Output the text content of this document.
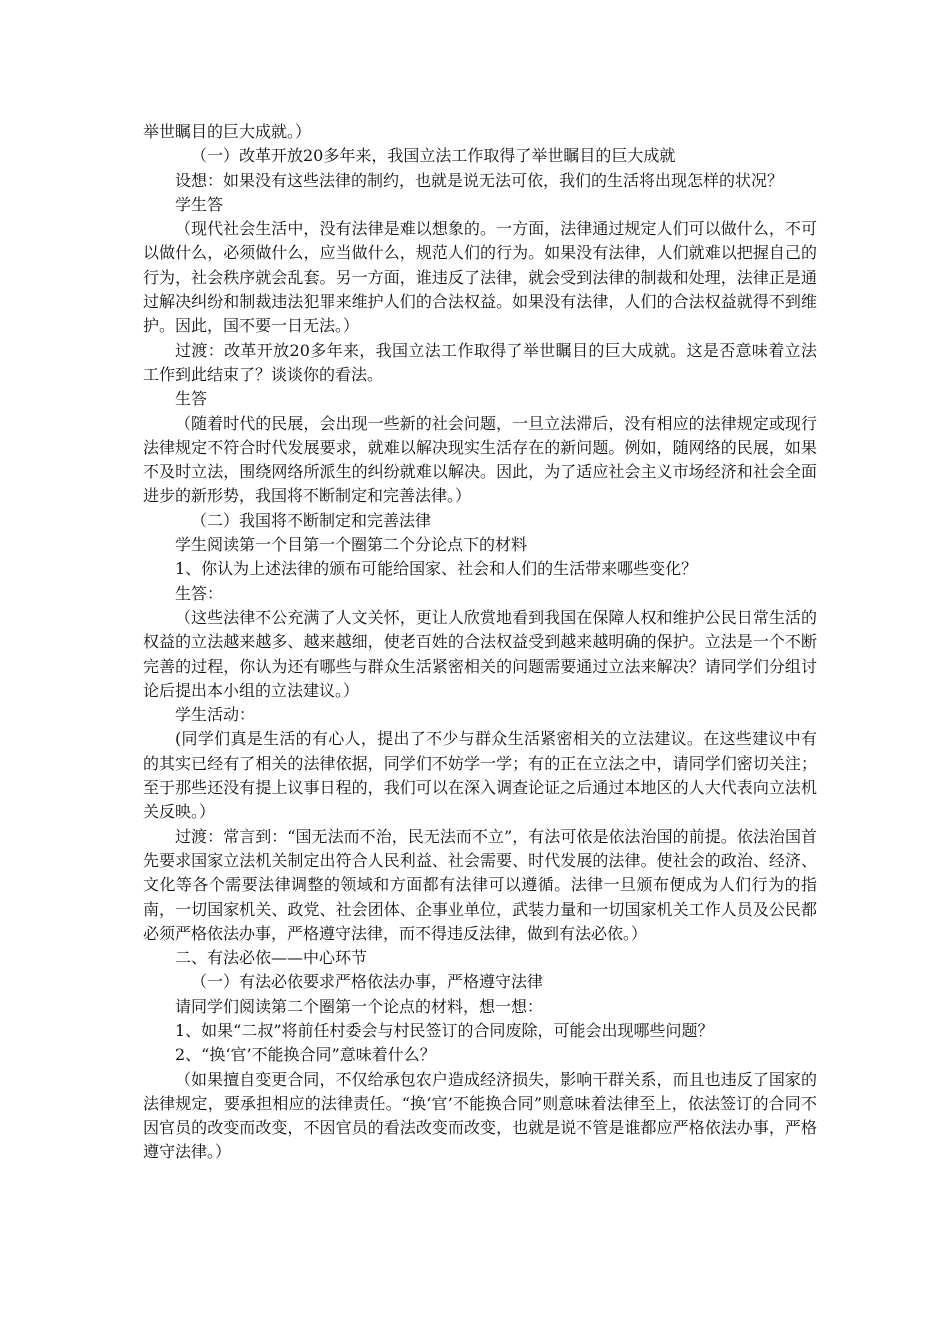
举世瞩目的巨大成就。）

（一）改革开放20多年来，我国立法工作取得了举世瞩目的巨大成就

设想：如果没有这些法律的制约，也就是说无法可依，我们的生活将出现怎样的状况？

学生答

（现代社会生活中，没有法律是难以想象的。一方面，法律通过规定人们可以做什么，不可以做什么，必须做什么，应当做什么，规范人们的行为。如果没有法律，人们就难以把握自己的行为，社会秩序就会乱套。另一方面，谁违反了法律，就会受到法律的制裁和处理，法律正是通过解决纠纷和制裁违法犯罪来维护人们的合法权益。如果没有法律，人们的合法权益就得不到维护。因此，国不要一日无法。）

过渡：改革开放20多年来，我国立法工作取得了举世瞩目的巨大成就。这是否意味着立法工作到此结束了？谈谈你的看法。

生答

（随着时代的民展，会出现一些新的社会问题，一旦立法滞后，没有相应的法律规定或现行法律规定不符合时代发展要求，就难以解决现实生活存在的新问题。例如，随网络的民展，如果不及时立法，围绕网络所派生的纠纷就难以解决。因此，为了适应社会主义市场经济和社会全面进步的新形势，我国将不断制定和完善法律。）

（二）我国将不断制定和完善法律

学生阅读第一个目第一个圈第二个分论点下的材料

1、你认为上述法律的颁布可能给国家、社会和人们的生活带来哪些变化？

生答：

（这些法律不公充满了人文关怀，更让人欣赏地看到我国在保障人权和维护公民日常生活的权益的立法越来越多、越来越细，使老百姓的合法权益受到越来越明确的保护。立法是一个不断完善的过程，你认为还有哪些与群众生活紧密相关的问题需要通过立法来解决？请同学们分组讨论后提出本小组的立法建议。）

学生活动：

(同学们真是生活的有心人，提出了不少与群众生活紧密相关的立法建议。在这些建议中有的其实已经有了相关的法律依据，同学们不妨学一学；有的正在立法之中，请同学们密切关注；至于那些还没有提上议事日程的，我们可以在深入调查论证之后通过本地区的人大代表向立法机关反映。）

过渡：常言到：“国无法而不治，民无法而不立”，有法可依是依法治国的前提。依法治国首先要求国家立法机关制定出符合人民利益、社会需要、时代发展的法律。使社会的政治、经济、文化等各个需要法律调整的领域和方面都有法律可以遵循。法律一旦颁布便成为人们行为的指南，一切国家机关、政党、社会团体、企事业单位，武装力量和一切国家机关工作人员及公民都必须严格依法办事，严格遵守法律，而不得违反法律，做到有法必依。）

二、有法必依——中心环节

（一）有法必依要求严格依法办事，严格遵守法律

请同学们阅读第二个圈第一个论点的材料，想一想：

1、如果“二叔”将前任村委会与村民签订的合同废除，可能会出现哪些问题？

2、“换‘官’不能换合同”意味着什么？

（如果擅自变更合同，不仅给承包农户造成经济损失，影响干群关系，而且也违反了国家的法律规定，要承担相应的法律责任。“换‘官’不能换合同”则意味着法律至上，依法签订的合同不因官员的改变而改变，不因官员的看法改变而改变，也就是说不管是谁都应严格依法办事，严格遵守法律。）
